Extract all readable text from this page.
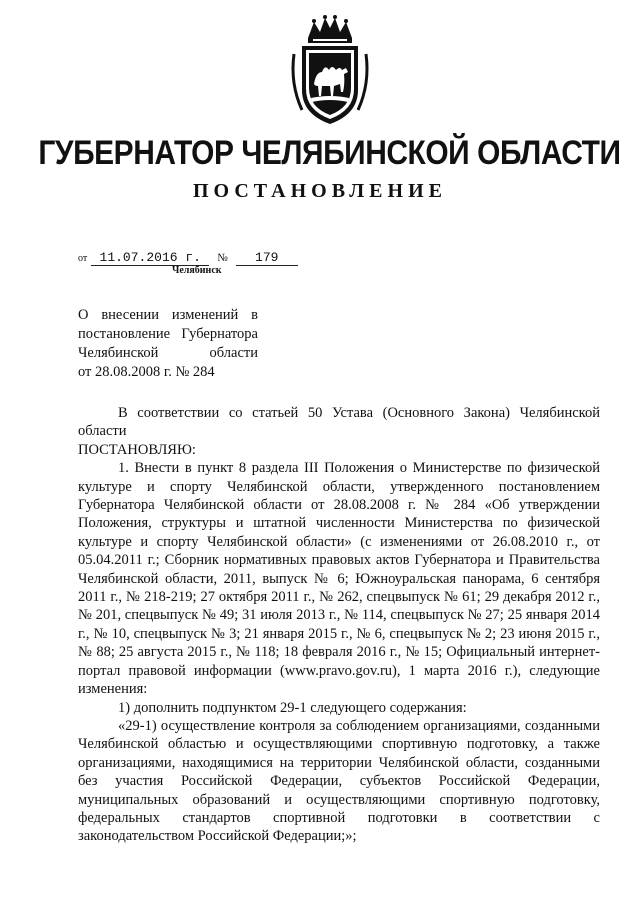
ГУБЕРНАТОР ЧЕЛЯБИНСКОЙ ОБЛАСТИ
ПОСТАНОВЛЕНИЕ
от 11.07.2016 г. № 179
Челябинск
О внесении изменений в
постановление Губернатора
Челябинской области
от 28.08.2008 г. № 284

В соответствии со статьей 50 Устава (Основного Закона) Челябинской области

ПОСТАНОВЛЯЮ:

1. Внести в пункт 8 раздела III Положения о Министерстве по физической культуре и спорту Челябинской области, утвержденного постановлением Губернатора Челябинской области от 28.08.2008 г. № 284 «Об утверждении Положения, структуры и штатной численности Министерства по физической культуре и спорту Челябинской области» (с изменениями от 26.08.2010 г., от 05.04.2011 г.; Сборник нормативных правовых актов Губернатора и Правительства Челябинской области, 2011, выпуск № 6; Южноуральская панорама, 6 сентября 2011 г., № 218-219; 27 октября 2011 г., № 262, спецвыпуск № 61; 29 декабря 2012 г., № 201, спецвыпуск № 49; 31 июля 2013 г., № 114, спецвыпуск № 27; 25 января 2014 г., № 10, спецвыпуск № 3; 21 января 2015 г., № 6, спецвыпуск № 2; 23 июня 2015 г., № 88; 25 августа 2015 г., № 118; 18 февраля 2016 г., № 15; Официальный интернет-портал правовой информации (www.pravo.gov.ru), 1 марта 2016 г.), следующие изменения:

1) дополнить подпунктом 29-1 следующего содержания:

«29-1) осуществление контроля за соблюдением организациями, созданными Челябинской областью и осуществляющими спортивную подготовку, а также организациями, находящимися на территории Челябинской области, созданными без участия Российской Федерации, субъектов Российской Федерации, муниципальных образований и осуществляющими спортивную подготовку, федеральных стандартов спортивной подготовки в соответствии с законодательством Российской Федерации;»;
